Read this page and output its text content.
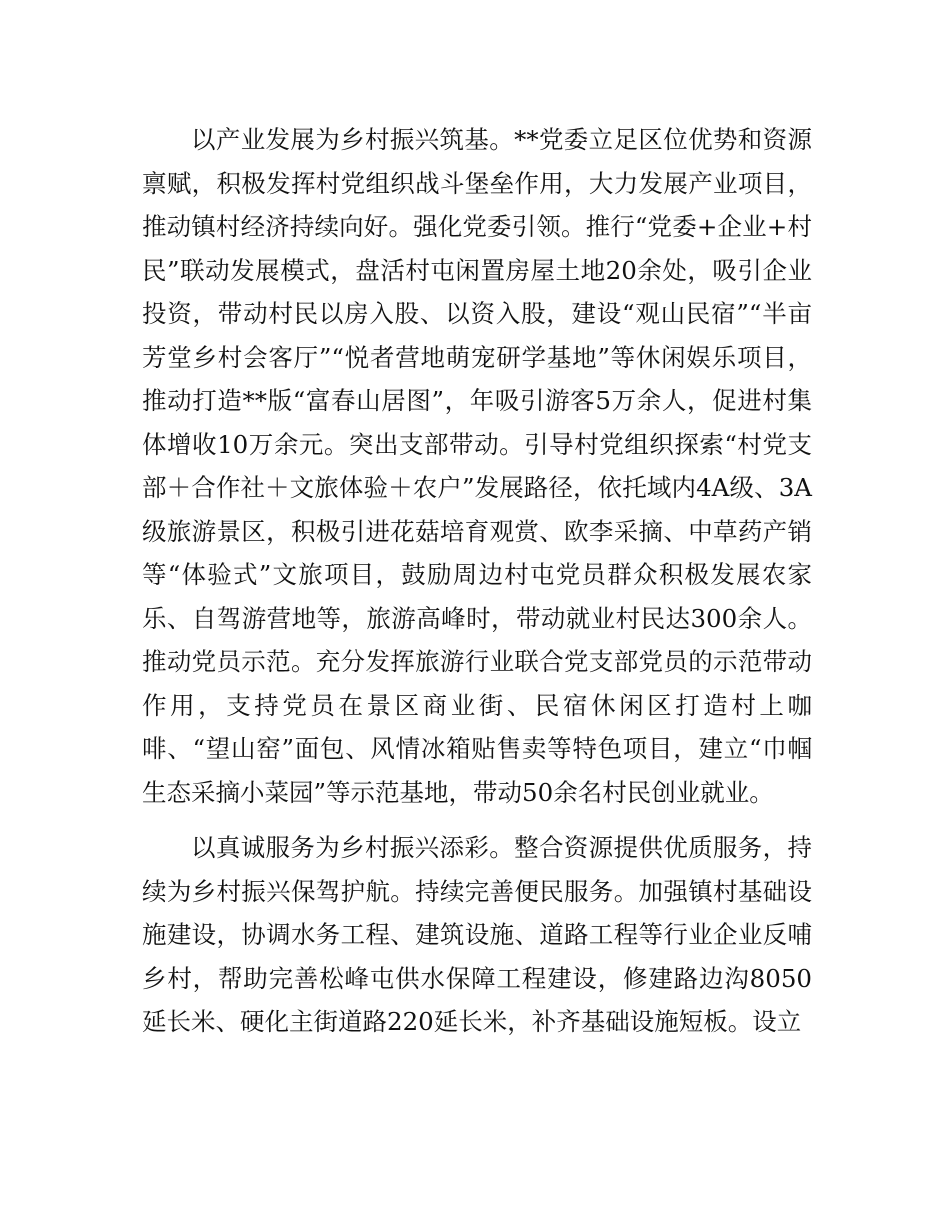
以产业发展为乡村振兴筑基。**党委立足区位优势和资源禀赋，积极发挥村党组织战斗堡垒作用，大力发展产业项目，推动镇村经济持续向好。强化党委引领。推行“党委+企业+村民”联动发展模式，盘活村屯闲置房屋土地20余处，吸引企业投资，带动村民以房入股、以资入股，建设“观山民宿”“半亩芳堂乡村会客厅”“悦者营地萌宠研学基地”等休闲娱乐项目，推动打造**版“富春山居图”，年吸引游客5万余人，促进村集体增收10万余元。突出支部带动。引导村党组织探索“村党支部＋合作社＋文旅体验＋农户”发展路径，依托域内4A级、3A级旅游景区，积极引进花菇培育观赏、欧李采摘、中草药产销等“体验式”文旅项目，鼓励周边村屯党员群众积极发展农家乐、自驾游营地等，旅游高峰时，带动就业村民达300余人。推动党员示范。充分发挥旅游行业联合党支部党员的示范带动作用，支持党员在景区商业街、民宿休闲区打造村上咖啡、“望山窑”面包、风情冰箱贴售卖等特色项目，建立“巾帼生态采摘小菜园”等示范基地，带动50余名村民创业就业。

以真诚服务为乡村振兴添彩。整合资源提供优质服务，持续为乡村振兴保驾护航。持续完善便民服务。加强镇村基础设施建设，协调水务工程、建筑设施、道路工程等行业企业反哺乡村，帮助完善松峰屯供水保障工程建设，修建路边沟8050延长米、硬化主街道路220延长米，补齐基础设施短板。设立
